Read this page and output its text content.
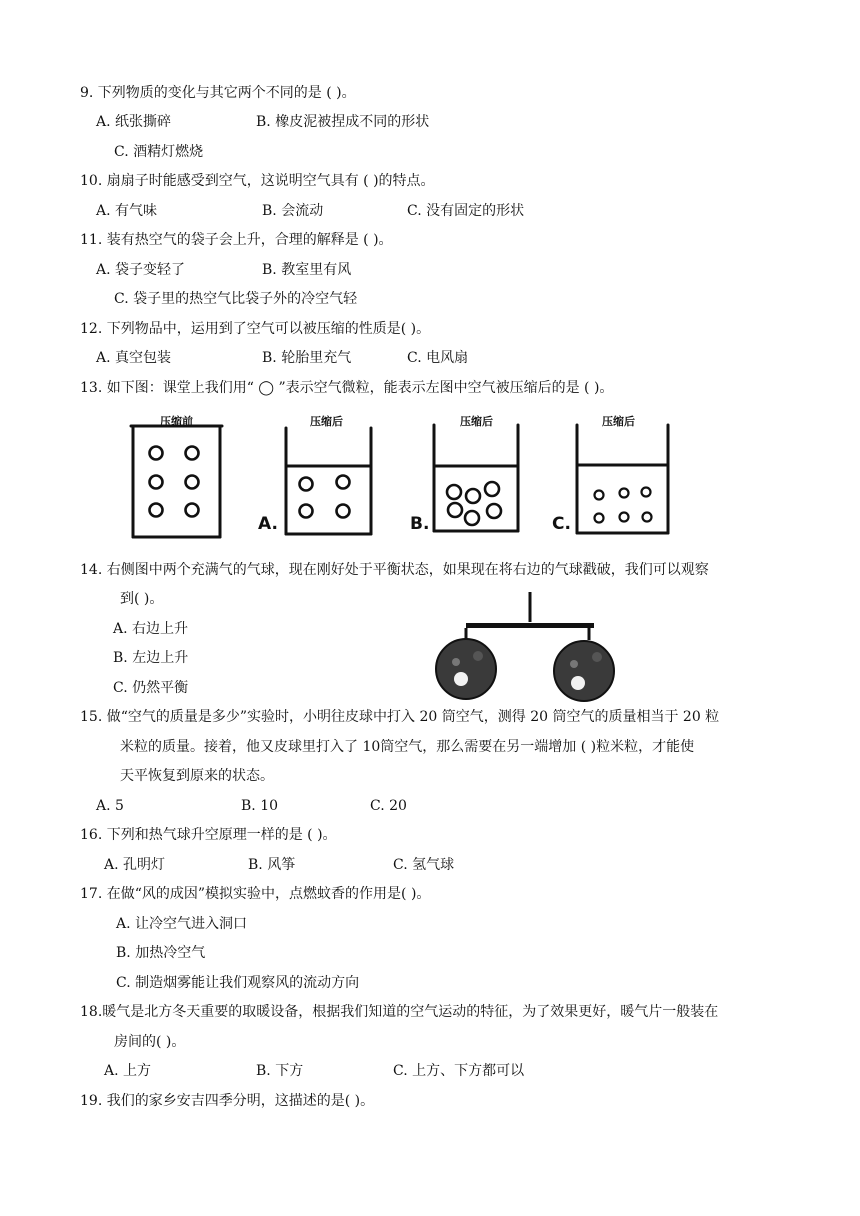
9. 下列物质的变化与其它两个不同的是 ( )。
A. 纸张撕碎	B. 橡皮泥被捏成不同的形状
C. 酒精灯燃烧
10. 扇扇子时能感受到空气，这说明空气具有 ( )的特点。
A. 有气味	B. 会流动	C. 没有固定的形状
11. 装有热空气的袋子会上升，合理的解释是 ( )。
A. 袋子变轻了	B. 教室里有风
C. 袋子里的热空气比袋子外的冷空气轻
12. 下列物品中，运用到了空气可以被压缩的性质是( )。
A. 真空包装	B. 轮胎里充气	C. 电风扇
13. 如下图：课堂上我们用“ ◯ ”表示空气微粒，能表示左图中空气被压缩后的是 ( )。
压缩前	压缩后	压缩后	压缩后
A.	B.	C.
14. 右侧图中两个充满气的气球，现在刚好处于平衡状态，如果现在将右边的气球戳破，我们可以观察
到( )。
A. 右边上升
B. 左边上升
C. 仍然平衡
15. 做“空气的质量是多少”实验时，小明往皮球中打入 20 筒空气，测得 20 筒空气的质量相当于 20 粒
米粒的质量。接着，他又皮球里打入了 10筒空气，那么需要在另一端增加 ( )粒米粒，才能使
天平恢复到原来的状态。
A. 5	B. 10	C. 20
16. 下列和热气球升空原理一样的是 ( )。
A. 孔明灯	B. 风筝	C. 氢气球
17. 在做“风的成因”模拟实验中，点燃蚊香的作用是( )。
A. 让冷空气进入洞口
B. 加热冷空气
C. 制造烟雾能让我们观察风的流动方向
18.暖气是北方冬天重要的取暖设备，根据我们知道的空气运动的特征，为了效果更好，暖气片一般装在
房间的( )。
A. 上方	B. 下方	C. 上方、下方都可以
19. 我们的家乡安吉四季分明，这描述的是( )。
